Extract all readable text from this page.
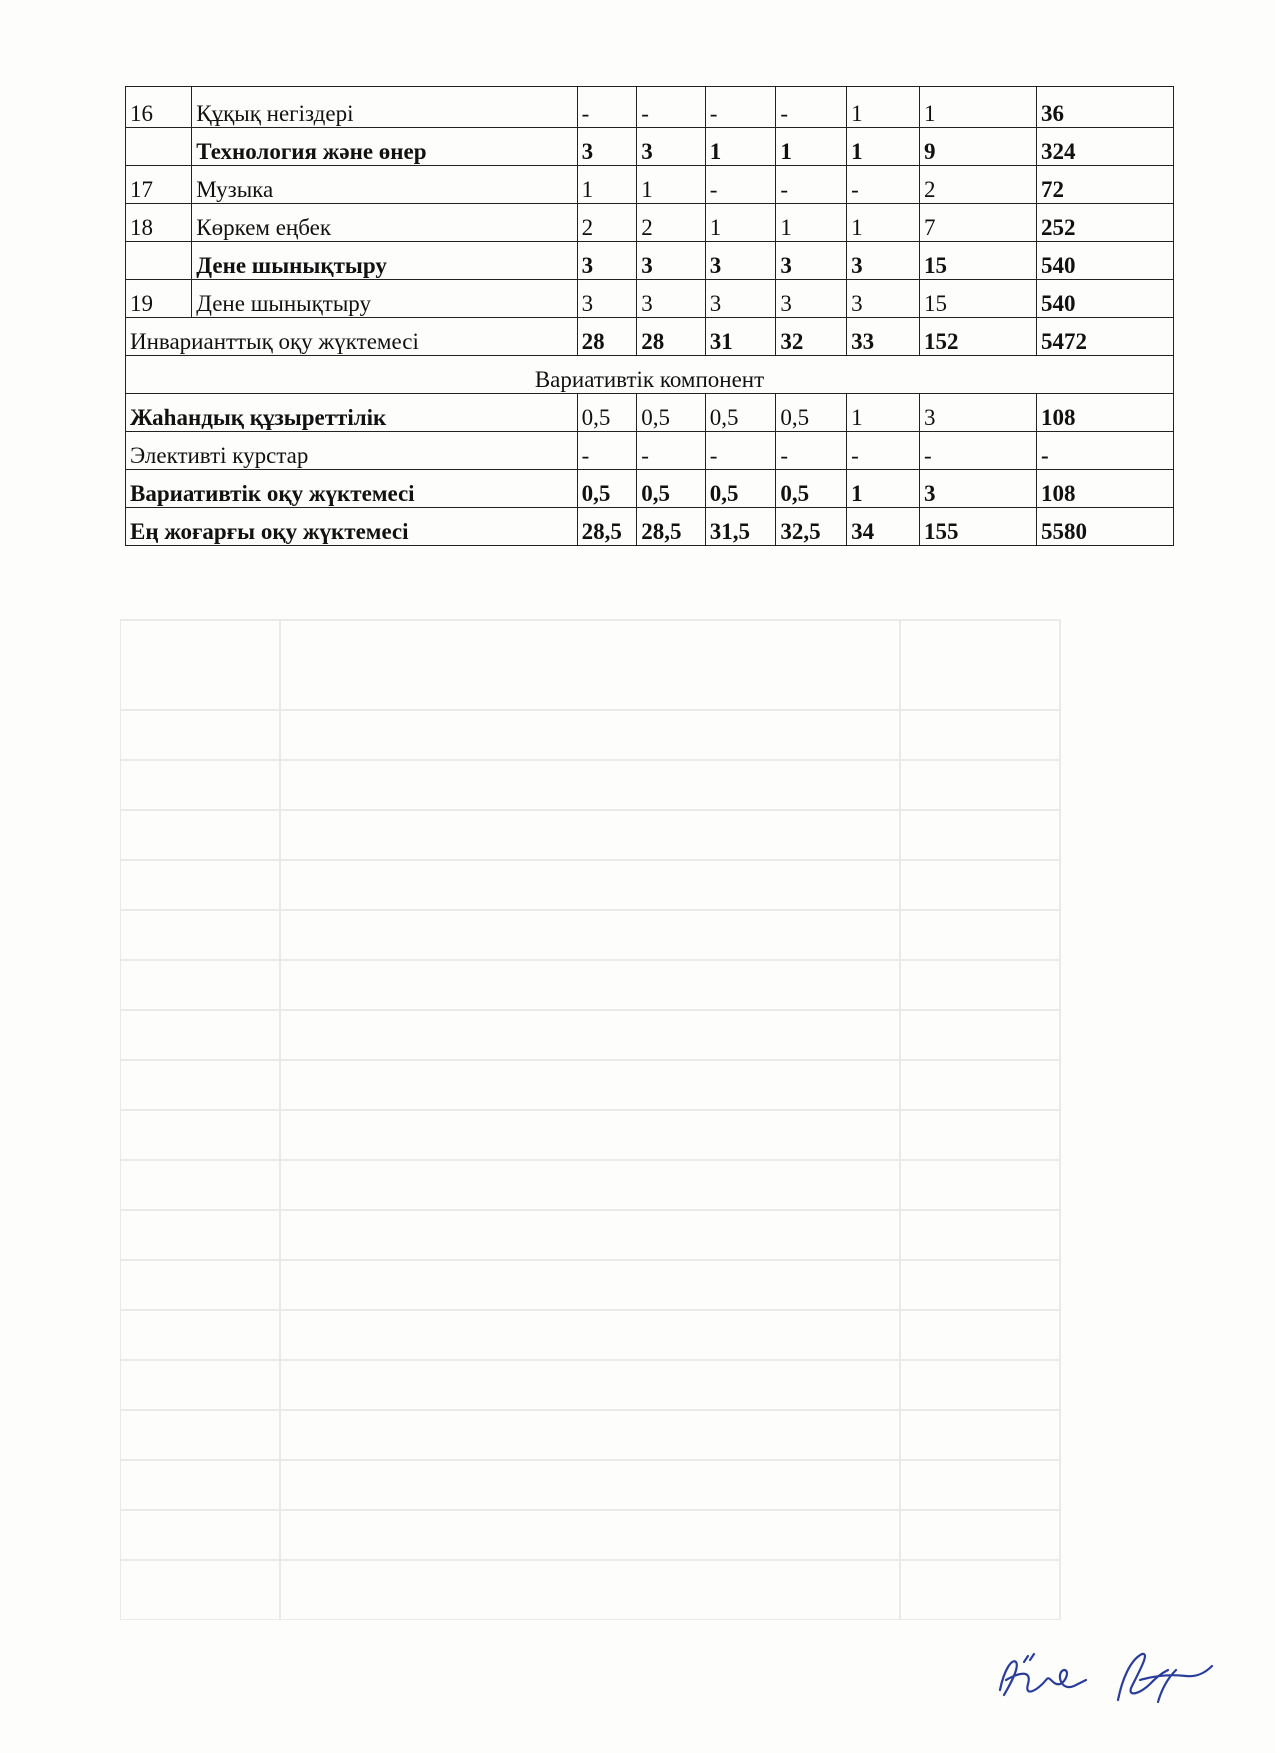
16	Құқық негіздері	-	-	-	-	1	1	36
	Технология және өнер	3	3	1	1	1	9	324
17	Музыка	1	1	-	-	-	2	72
18	Көркем еңбек	2	2	1	1	1	7	252
	Дене шынықтыру	3	3	3	3	3	15	540
19	Дене шынықтыру	3	3	3	3	3	15	540
Инварианттық оқу жүктемесі		28	28	31	32	33	152	5472
Вариативтік компонент								
Жаһандық құзыреттілік		0,5	0,5	0,5	0,5	1	3	108
Элективті курстар		-	-	-	-	-	-	-
Вариативтік оқу жүктемесі		0,5	0,5	0,5	0,5	1	3	108
Ең жоғарғы оқу жүктемесі		28,5	28,5	31,5	32,5	34	155	5580
